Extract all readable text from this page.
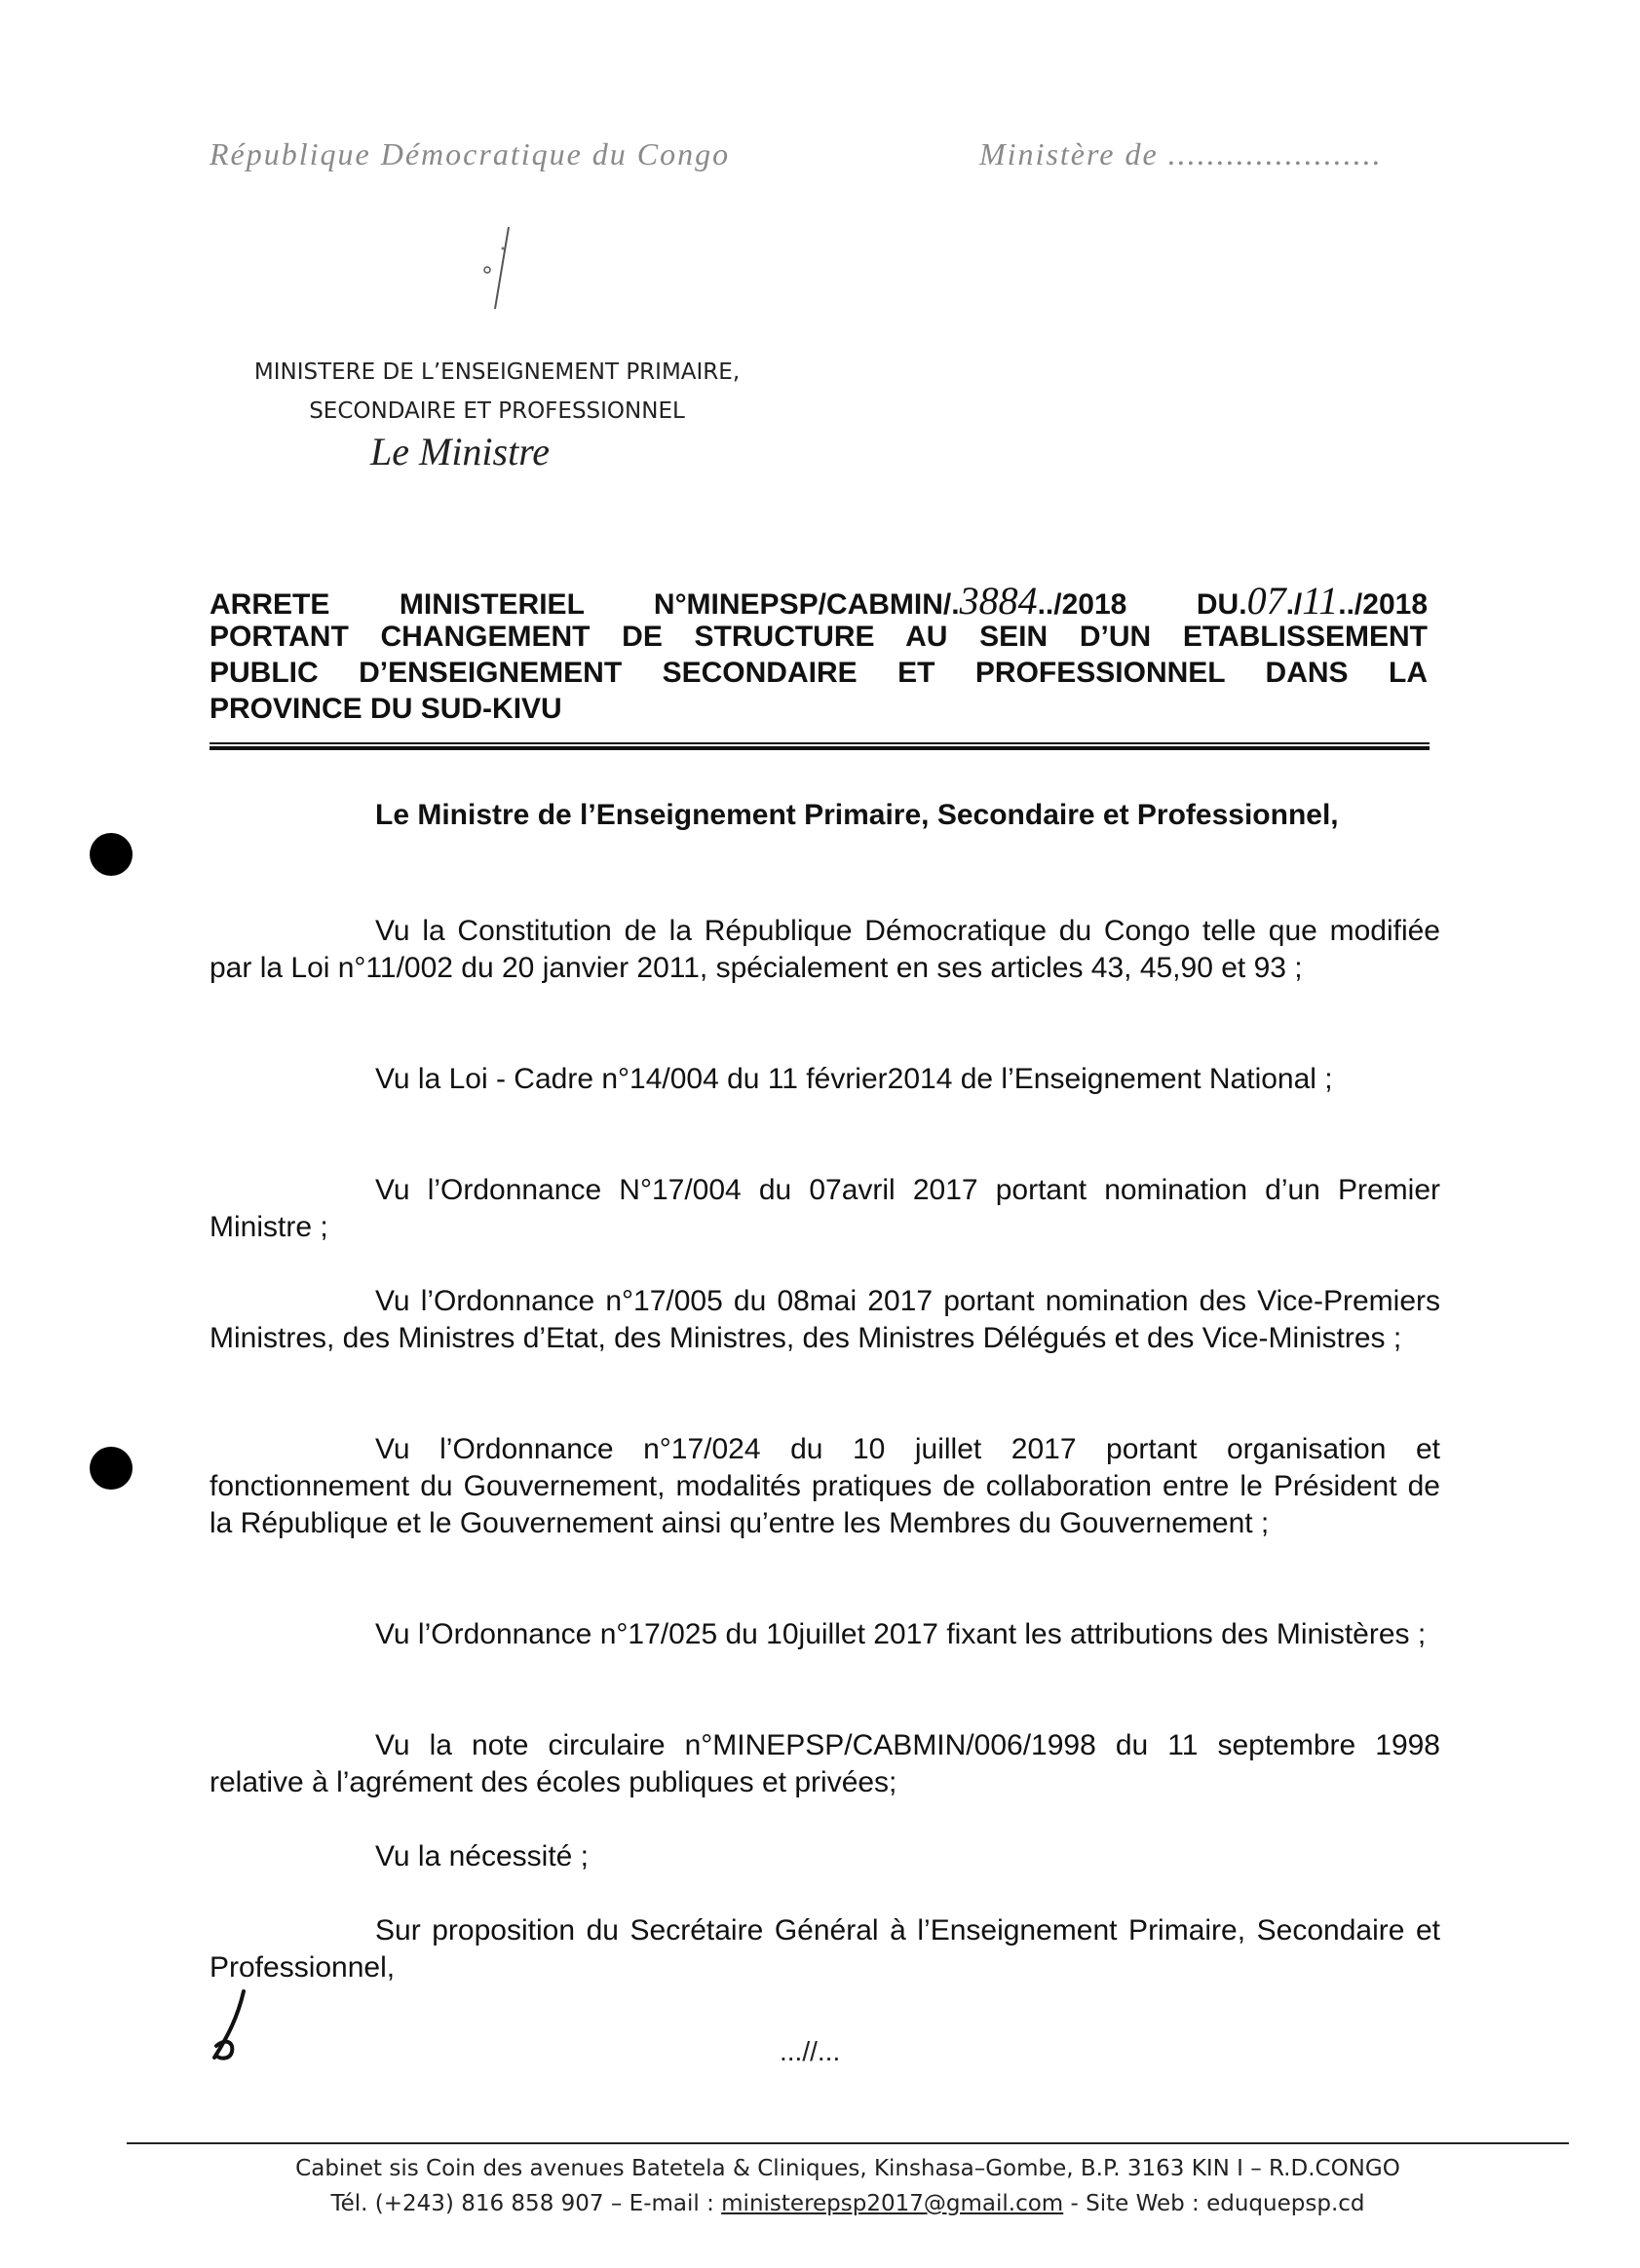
République Démocratique du Congo	Ministère de ......................
MINISTERE DE L’ENSEIGNEMENT PRIMAIRE,
SECONDAIRE ET PROFESSIONNEL
Le Ministre
ARRETE MINISTERIEL N°MINEPSP/CABMIN/.3884../2018 DU.07./11../2018
PORTANT CHANGEMENT DE STRUCTURE AU SEIN D’UN ETABLISSEMENT
PUBLIC D’ENSEIGNEMENT SECONDAIRE ET PROFESSIONNEL DANS LA
PROVINCE DU SUD-KIVU

Le Ministre de l’Enseignement Primaire, Secondaire et Professionnel,

Vu la Constitution de la République Démocratique du Congo telle que modifiée par la Loi n°11/002 du 20 janvier 2011, spécialement en ses articles 43, 45,90 et 93 ;

Vu la Loi - Cadre n°14/004 du 11 février2014 de l’Enseignement National ;

Vu l’Ordonnance N°17/004 du 07avril 2017 portant nomination d’un Premier Ministre ;

Vu l’Ordonnance n°17/005 du 08mai 2017 portant nomination des Vice-Premiers Ministres, des Ministres d’Etat, des Ministres, des Ministres Délégués et des Vice-Ministres ;

Vu l’Ordonnance n°17/024 du 10 juillet 2017 portant organisation et fonctionnement du Gouvernement, modalités pratiques de collaboration entre le Président de la République et le Gouvernement ainsi qu’entre les Membres du Gouvernement ;

Vu l’Ordonnance n°17/025 du 10juillet 2017 fixant les attributions des Ministères ;

Vu la note circulaire n°MINEPSP/CABMIN/006/1998 du 11 septembre 1998 relative à l’agrément des écoles publiques et privées;

Vu la nécessité ;

Sur proposition du Secrétaire Général à l’Enseignement Primaire, Secondaire et Professionnel,

...//...
Cabinet sis Coin des avenues Batetela & Cliniques, Kinshasa–Gombe, B.P. 3163 KIN I – R.D.CONGO
Tél. (+243) 816 858 907 – E-mail : ministerepsp2017@gmail.com - Site Web : eduquepsp.cd
